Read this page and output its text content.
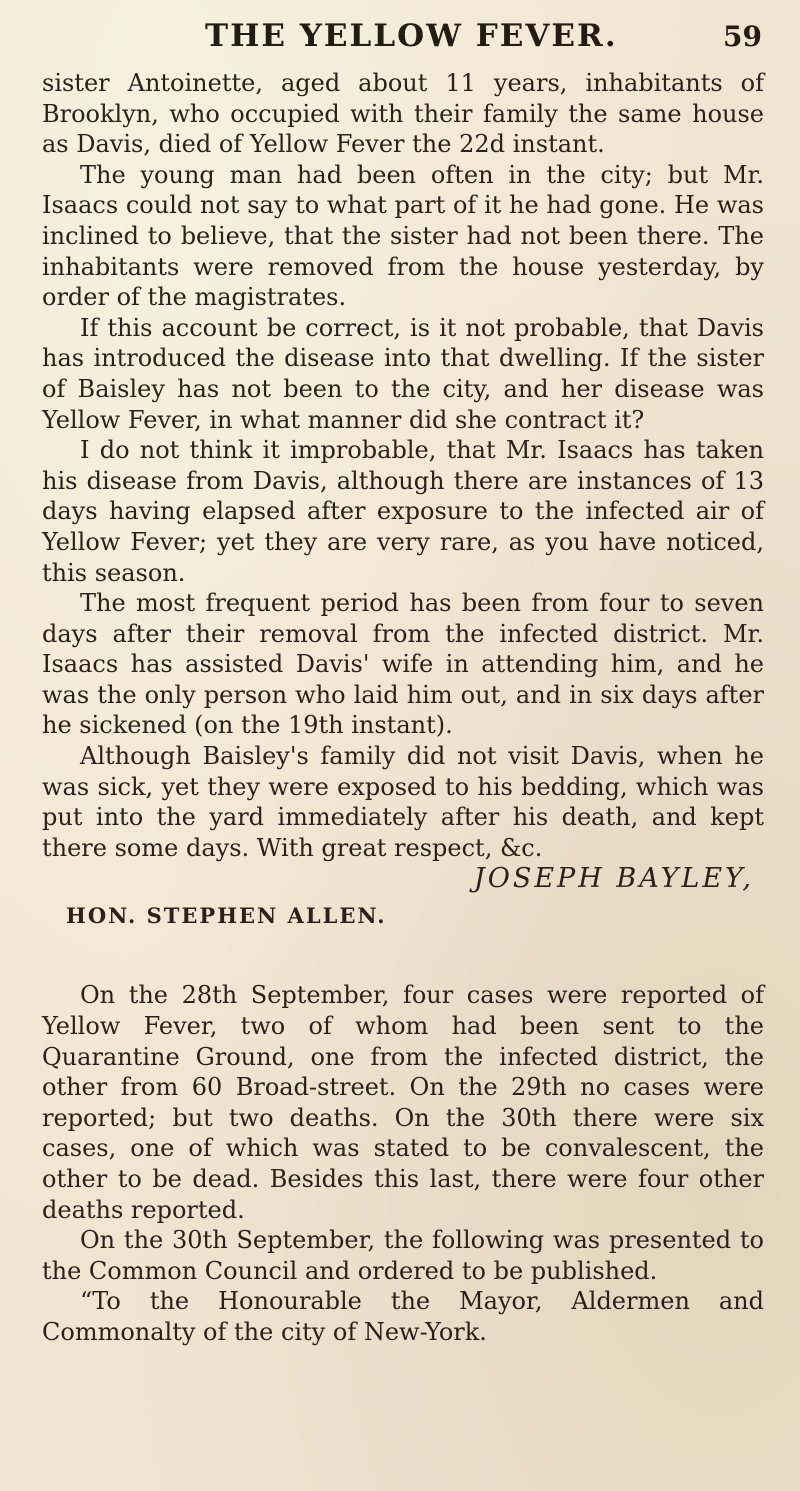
THE YELLOW FEVER.	59

sister Antoinette, aged about 11 years, inhabitants of Brooklyn, who occupied with their family the same house as Davis, died of Yellow Fever the 22d instant.

The young man had been often in the city; but Mr. Isaacs could not say to what part of it he had gone. He was inclined to believe, that the sister had not been there. The inhabitants were removed from the house yesterday, by order of the magistrates.

If this account be correct, is it not probable, that Davis has introduced the disease into that dwelling. If the sister of Baisley has not been to the city, and her disease was Yellow Fever, in what manner did she contract it?

I do not think it improbable, that Mr. Isaacs has taken his disease from Davis, although there are instances of 13 days having elapsed after exposure to the infected air of Yellow Fever; yet they are very rare, as you have noticed, this season.

The most frequent period has been from four to seven days after their removal from the infected district. Mr. Isaacs has assisted Davis' wife in attending him, and he was the only person who laid him out, and in six days after he sickened (on the 19th instant).

Although Baisley's family did not visit Davis, when he was sick, yet they were exposed to his bedding, which was put into the yard immediately after his death, and kept there some days. With great respect, &c.

JOSEPH BAYLEY,

HON. STEPHEN ALLEN.

On the 28th September, four cases were reported of Yellow Fever, two of whom had been sent to the Quarantine Ground, one from the infected district, the other from 60 Broad-street. On the 29th no cases were reported; but two deaths. On the 30th there were six cases, one of which was stated to be convalescent, the other to be dead. Besides this last, there were four other deaths reported.

On the 30th September, the following was presented to the Common Council and ordered to be published.

“To the Honourable the Mayor, Aldermen and Commonalty of the city of New-York.
